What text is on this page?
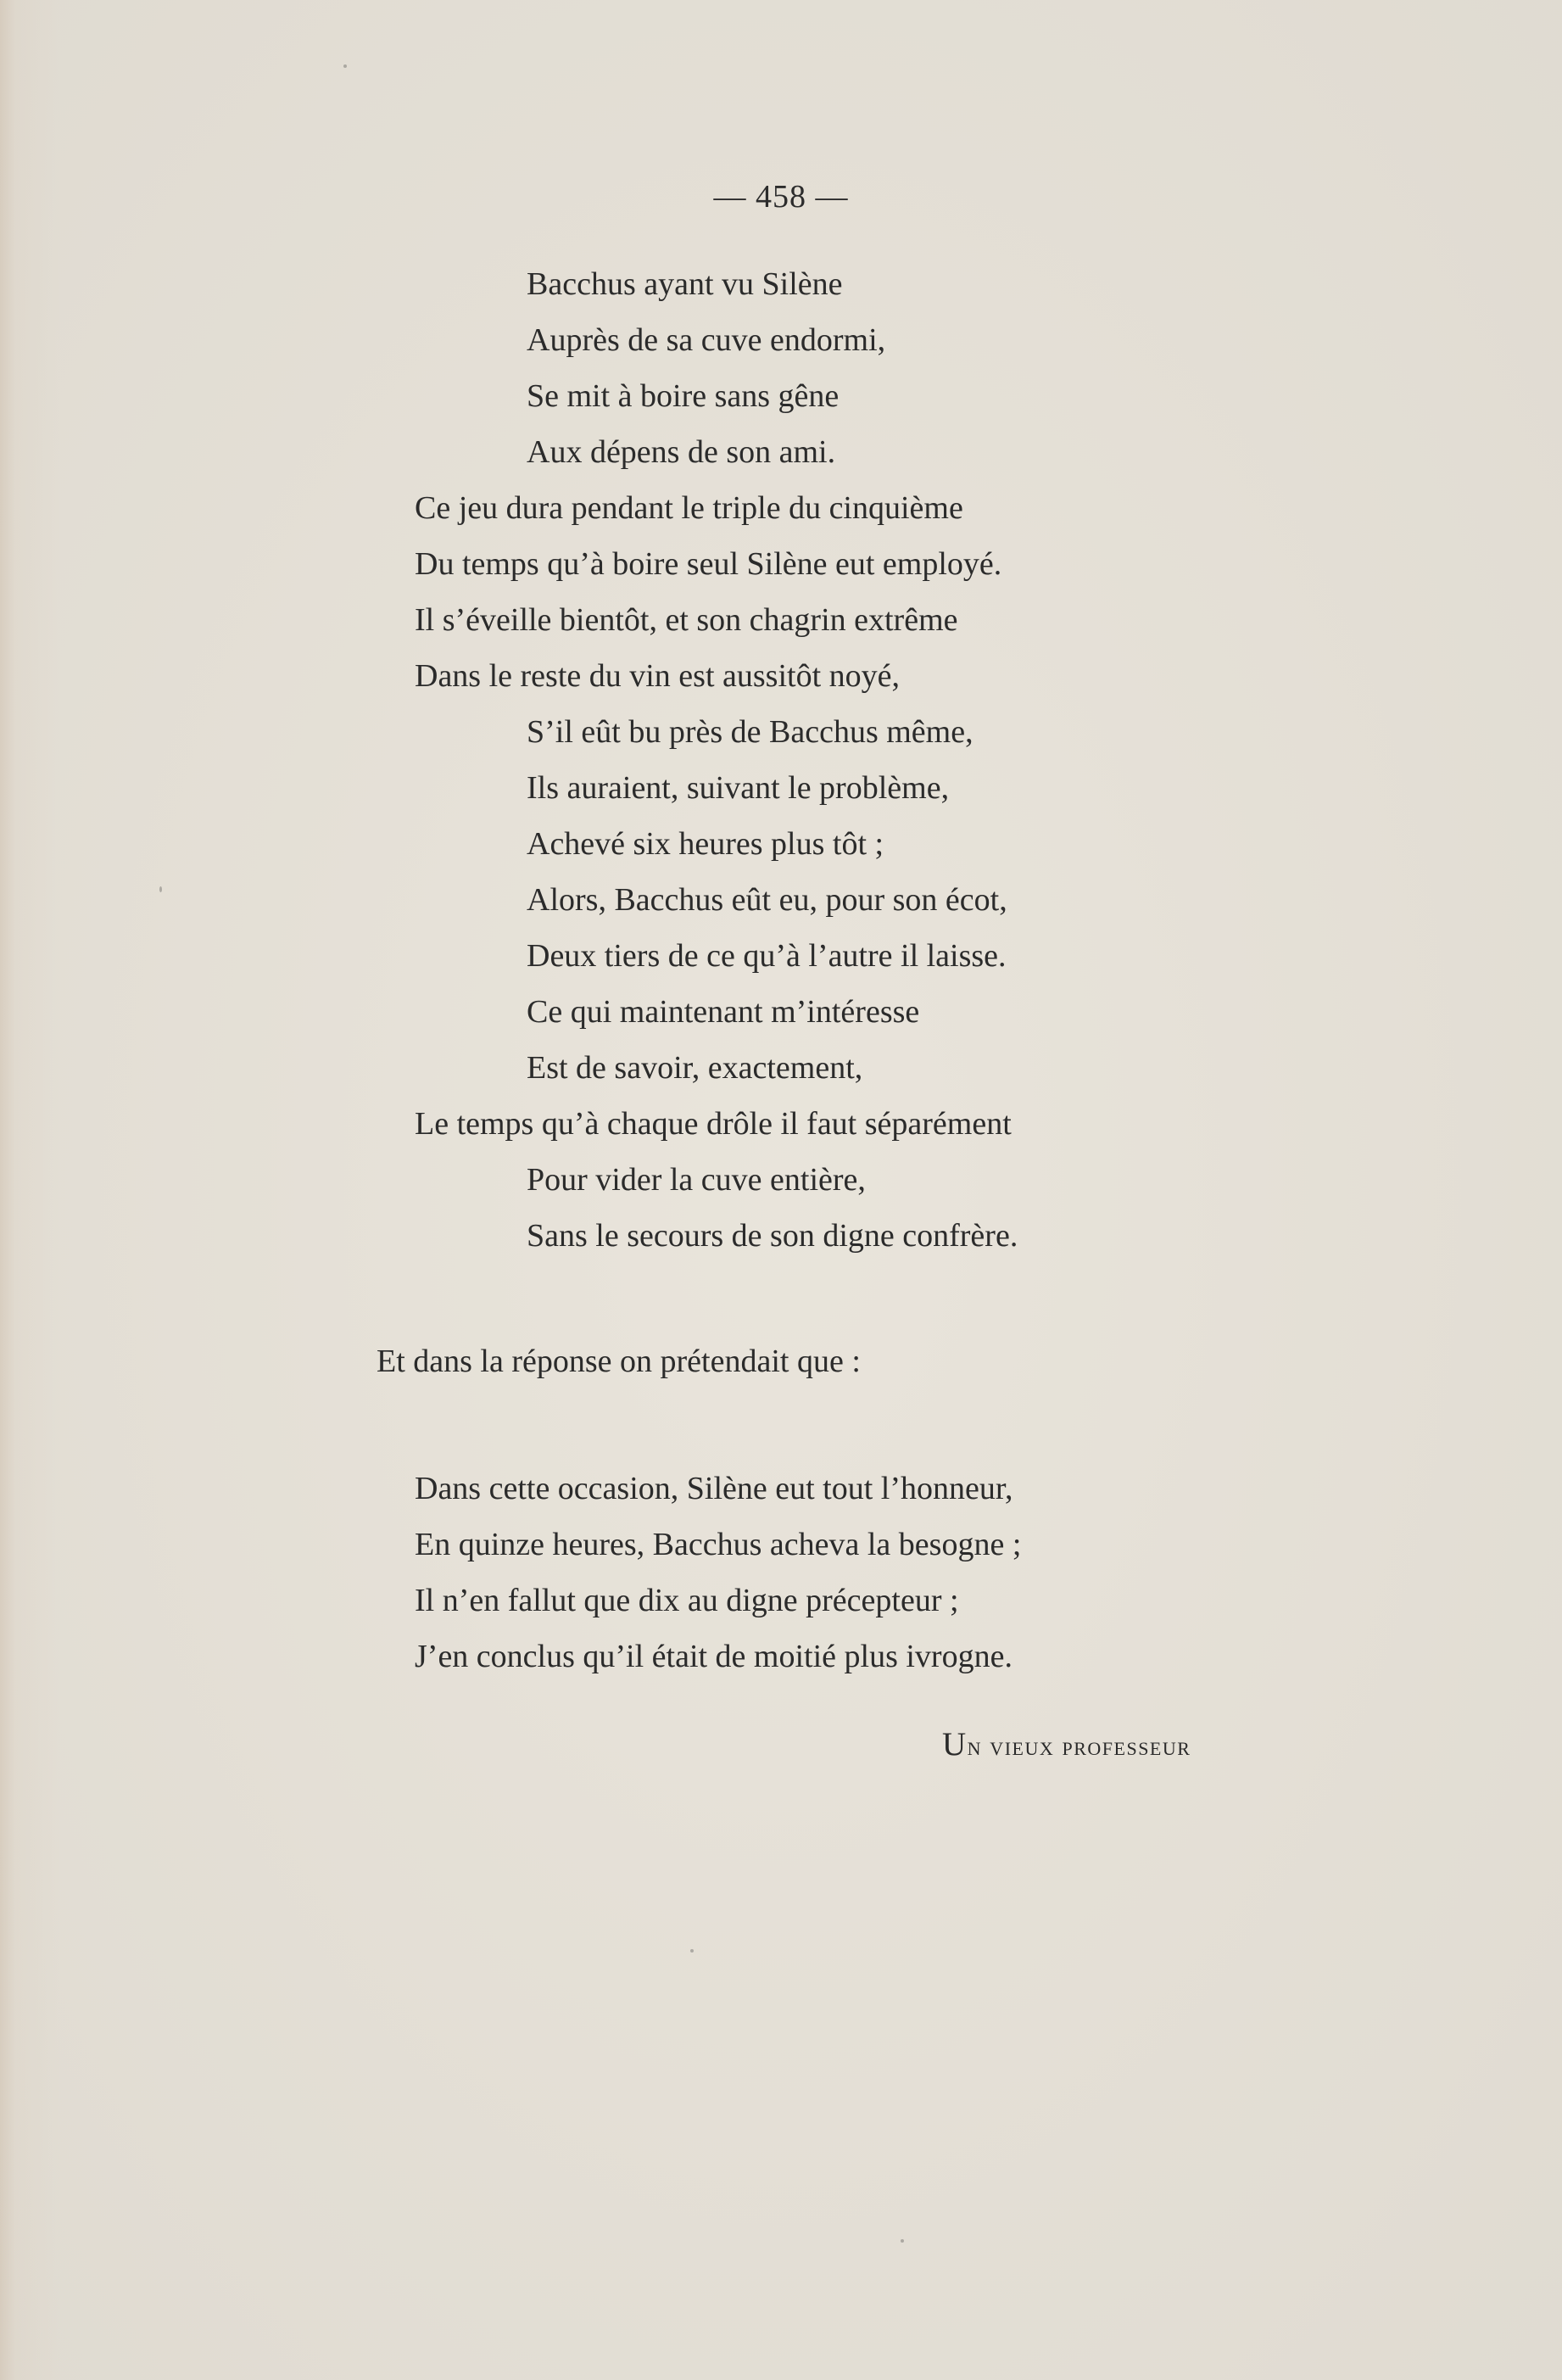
— 458 —
Bacchus ayant vu Silène
Auprès de sa cuve endormi,
Se mit à boire sans gêne
Aux dépens de son ami.
Ce jeu dura pendant le triple du cinquième
Du temps qu’à boire seul Silène eut employé.
Il s’éveille bientôt, et son chagrin extrême
Dans le reste du vin est aussitôt noyé,
S’il eût bu près de Bacchus même,
Ils auraient, suivant le problème,
Achevé six heures plus tôt ;
Alors, Bacchus eût eu, pour son écot,
Deux tiers de ce qu’à l’autre il laisse.
Ce qui maintenant m’intéresse
Est de savoir, exactement,
Le temps qu’à chaque drôle il faut séparément
Pour vider la cuve entière,
Sans le secours de son digne confrère.
Et dans la réponse on prétendait que :
Dans cette occasion, Silène eut tout l’honneur,
En quinze heures, Bacchus acheva la besogne ;
Il n’en fallut que dix au digne précepteur ;
J’en conclus qu’il était de moitié plus ivrogne.
Un vieux professeur
